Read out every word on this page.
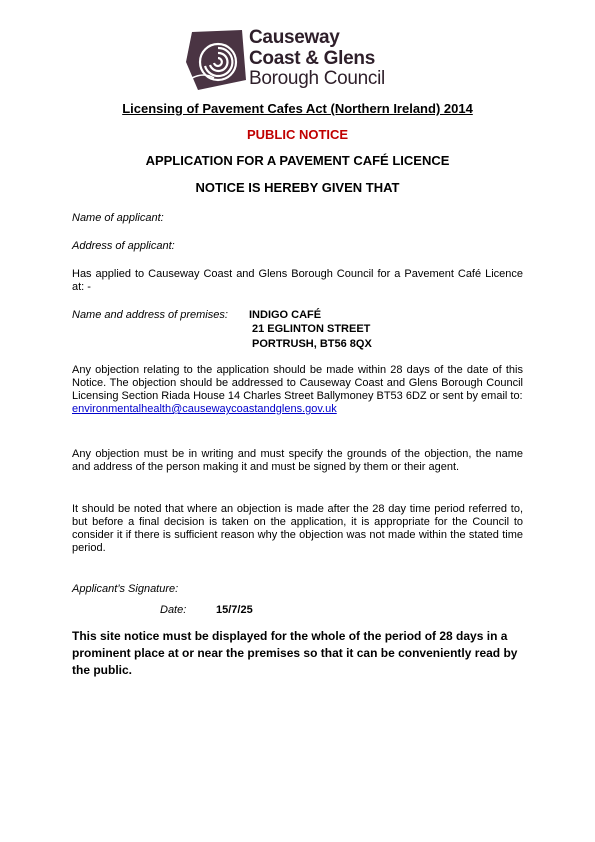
Causeway
Coast & Glens
Borough Council
Licensing of Pavement Cafes Act (Northern Ireland) 2014
PUBLIC NOTICE
APPLICATION FOR A PAVEMENT CAFÉ LICENCE
NOTICE IS HEREBY GIVEN THAT
Name of applicant:
Address of applicant:
Has applied to Causeway Coast and Glens Borough Council for a Pavement Café Licence at: -
Name and address of premises: INDIGO CAFÉ
21 EGLINTON STREET
PORTRUSH, BT56 8QX
Any objection relating to the application should be made within 28 days of the date of this Notice. The objection should be addressed to Causeway Coast and Glens Borough Council Licensing Section Riada House 14 Charles Street Ballymoney BT53 6DZ or sent by email to:
environmentalhealth@causewaycoastandglens.gov.uk
Any objection must be in writing and must specify the grounds of the objection, the name and address of the person making it and must be signed by them or their agent.
It should be noted that where an objection is made after the 28 day time period referred to, but before a final decision is taken on the application, it is appropriate for the Council to consider it if there is sufficient reason why the objection was not made within the stated time period.
Applicant’s Signature:
Date:	15/7/25
This site notice must be displayed for the whole of the period of 28 days in a prominent place at or near the premises so that it can be conveniently read by the public.
